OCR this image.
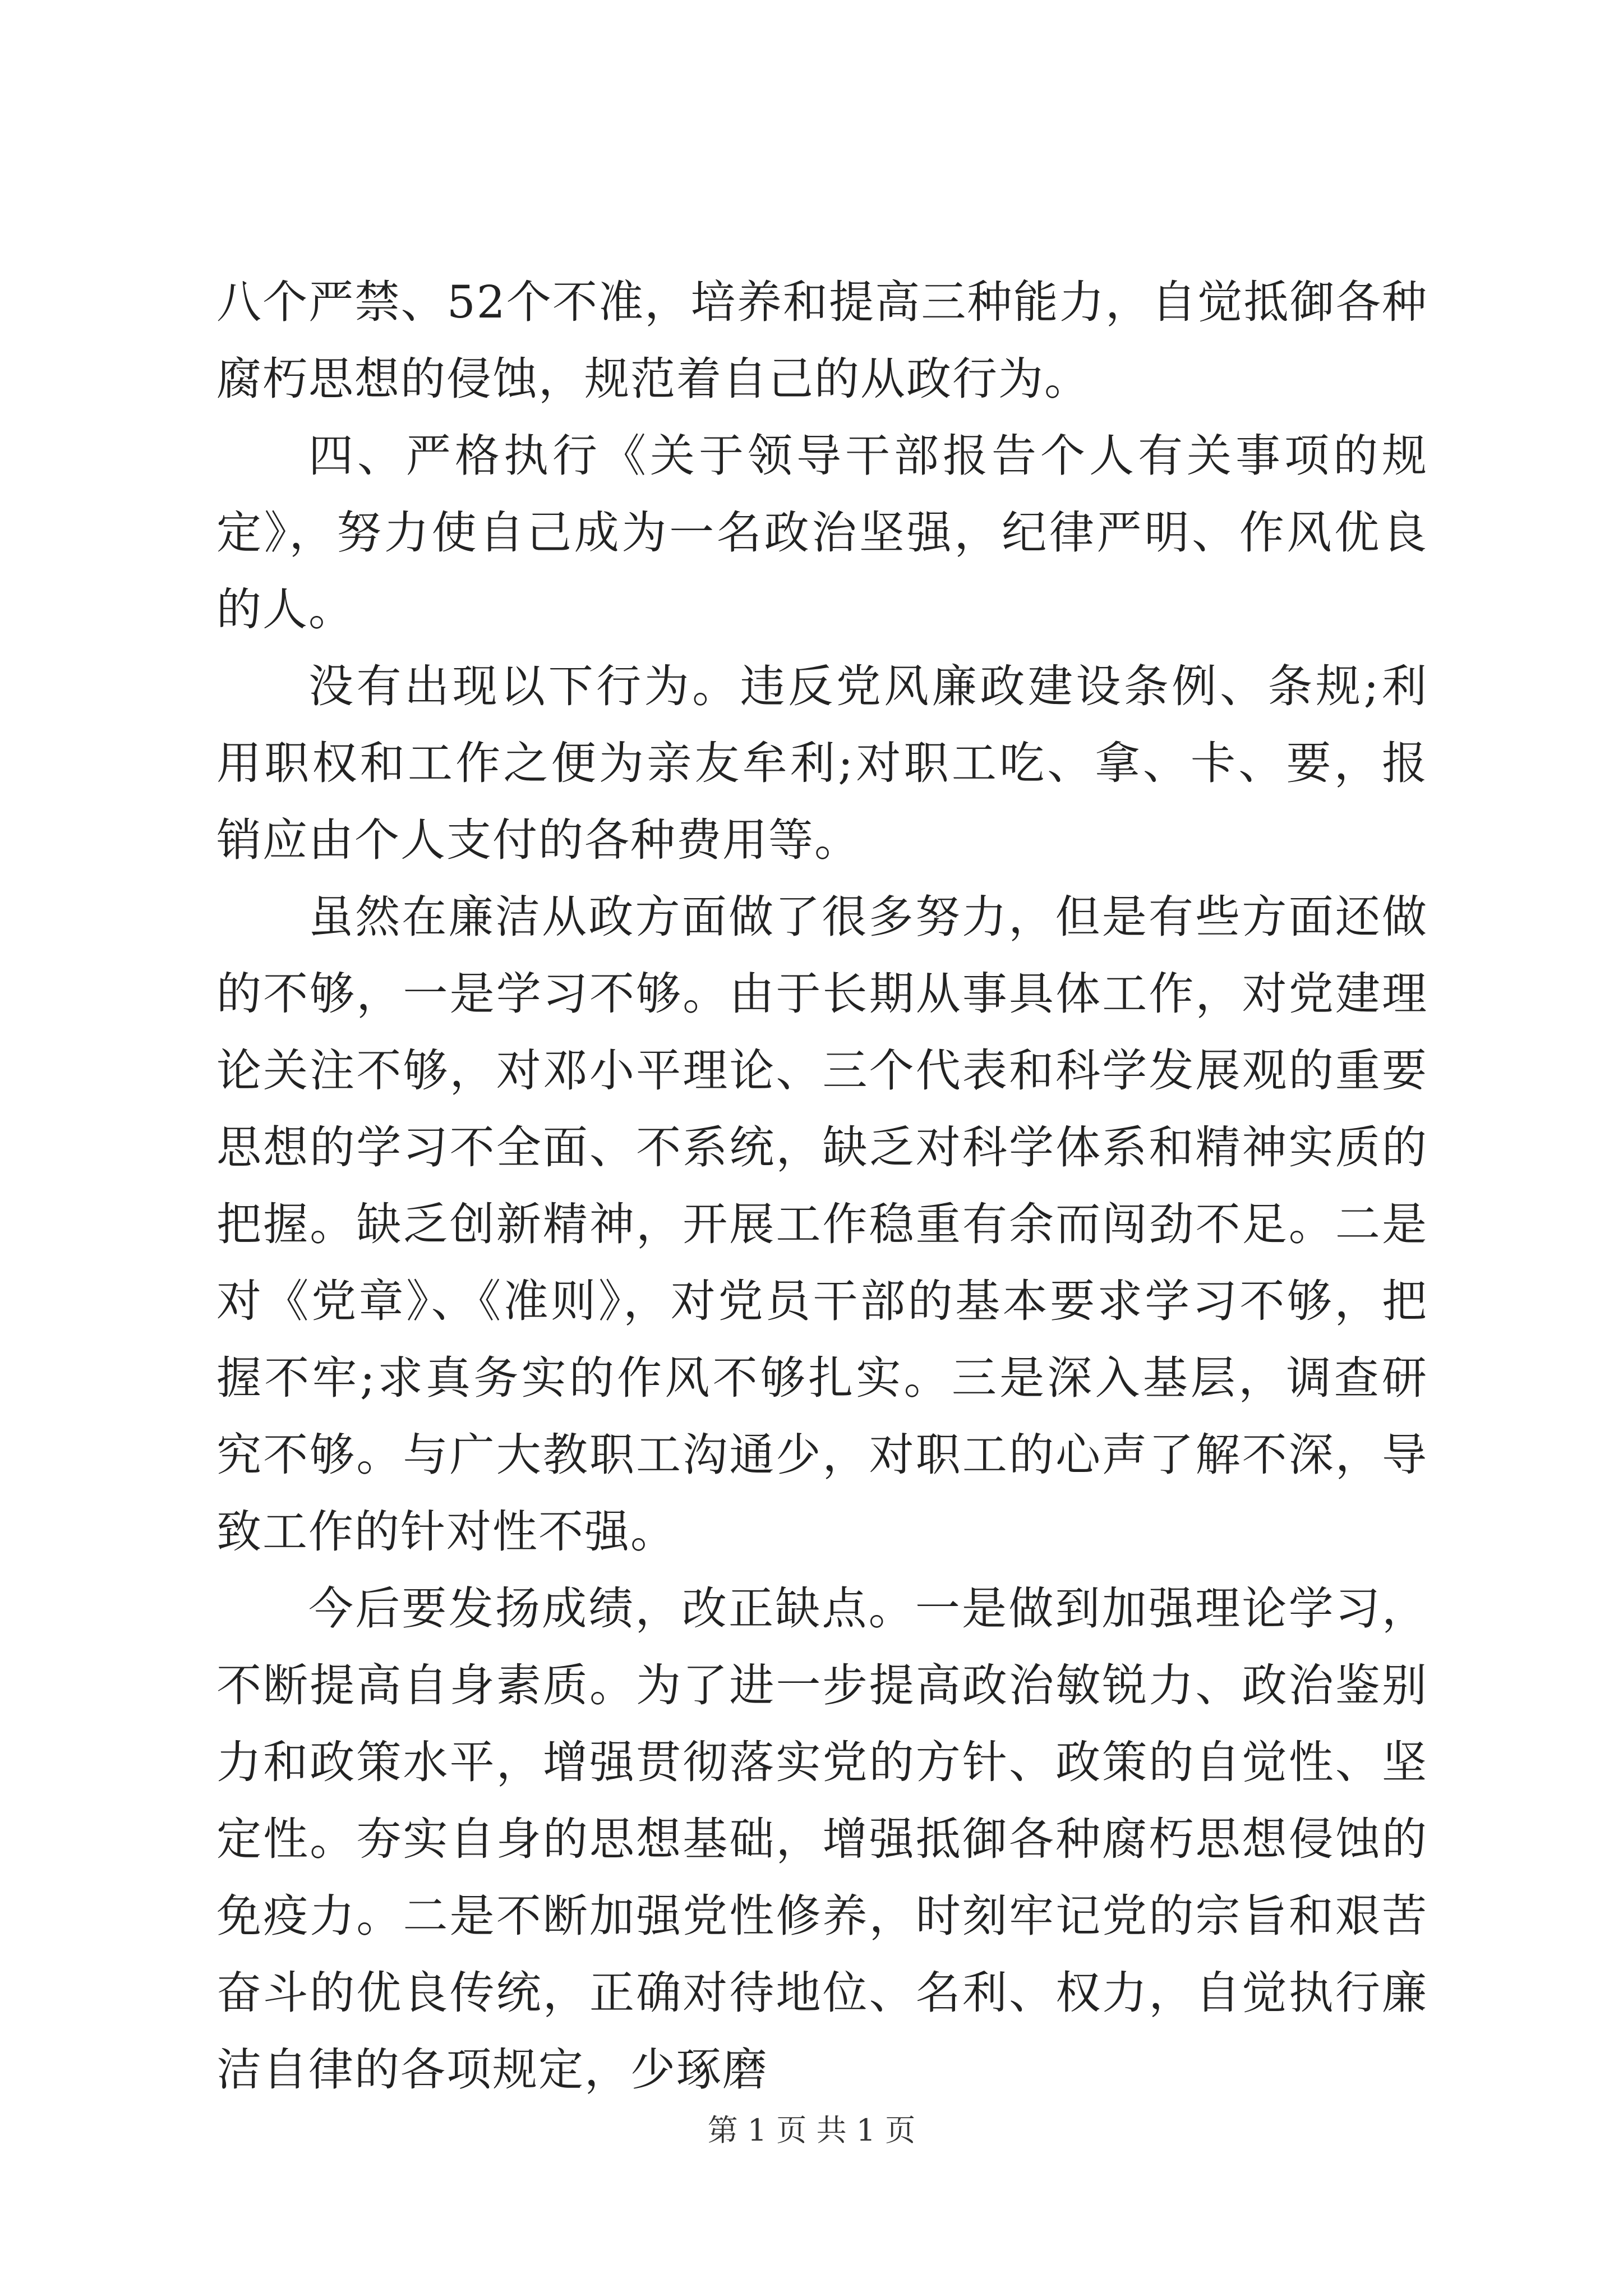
八个严禁、52个不准，培养和提高三种能力，自觉抵御各种腐朽思想的侵蚀，规范着自己的从政行为。

四、严格执行《关于领导干部报告个人有关事项的规定》，努力使自己成为一名政治坚强，纪律严明、作风优良的人。

没有出现以下行为。违反党风廉政建设条例、条规;利用职权和工作之便为亲友牟利;对职工吃、拿、卡、要，报销应由个人支付的各种费用等。

虽然在廉洁从政方面做了很多努力，但是有些方面还做的不够，一是学习不够。由于长期从事具体工作，对党建理论关注不够，对邓小平理论、三个代表和科学发展观的重要思想的学习不全面、不系统，缺乏对科学体系和精神实质的把握。缺乏创新精神，开展工作稳重有余而闯劲不足。二是对《党章》、《准则》，对党员干部的基本要求学习不够，把握不牢;求真务实的作风不够扎实。三是深入基层，调查研究不够。与广大教职工沟通少，对职工的心声了解不深，导致工作的针对性不强。

今后要发扬成绩，改正缺点。一是做到加强理论学习，不断提高自身素质。为了进一步提高政治敏锐力、政治鉴别力和政策水平，增强贯彻落实党的方针、政策的自觉性、坚定性。夯实自身的思想基础，增强抵御各种腐朽思想侵蚀的免疫力。二是不断加强党性修养，时刻牢记党的宗旨和艰苦奋斗的优良传统，正确对待地位、名利、权力，自觉执行廉洁自律的各项规定，少琢磨

第 1 页 共 1 页
